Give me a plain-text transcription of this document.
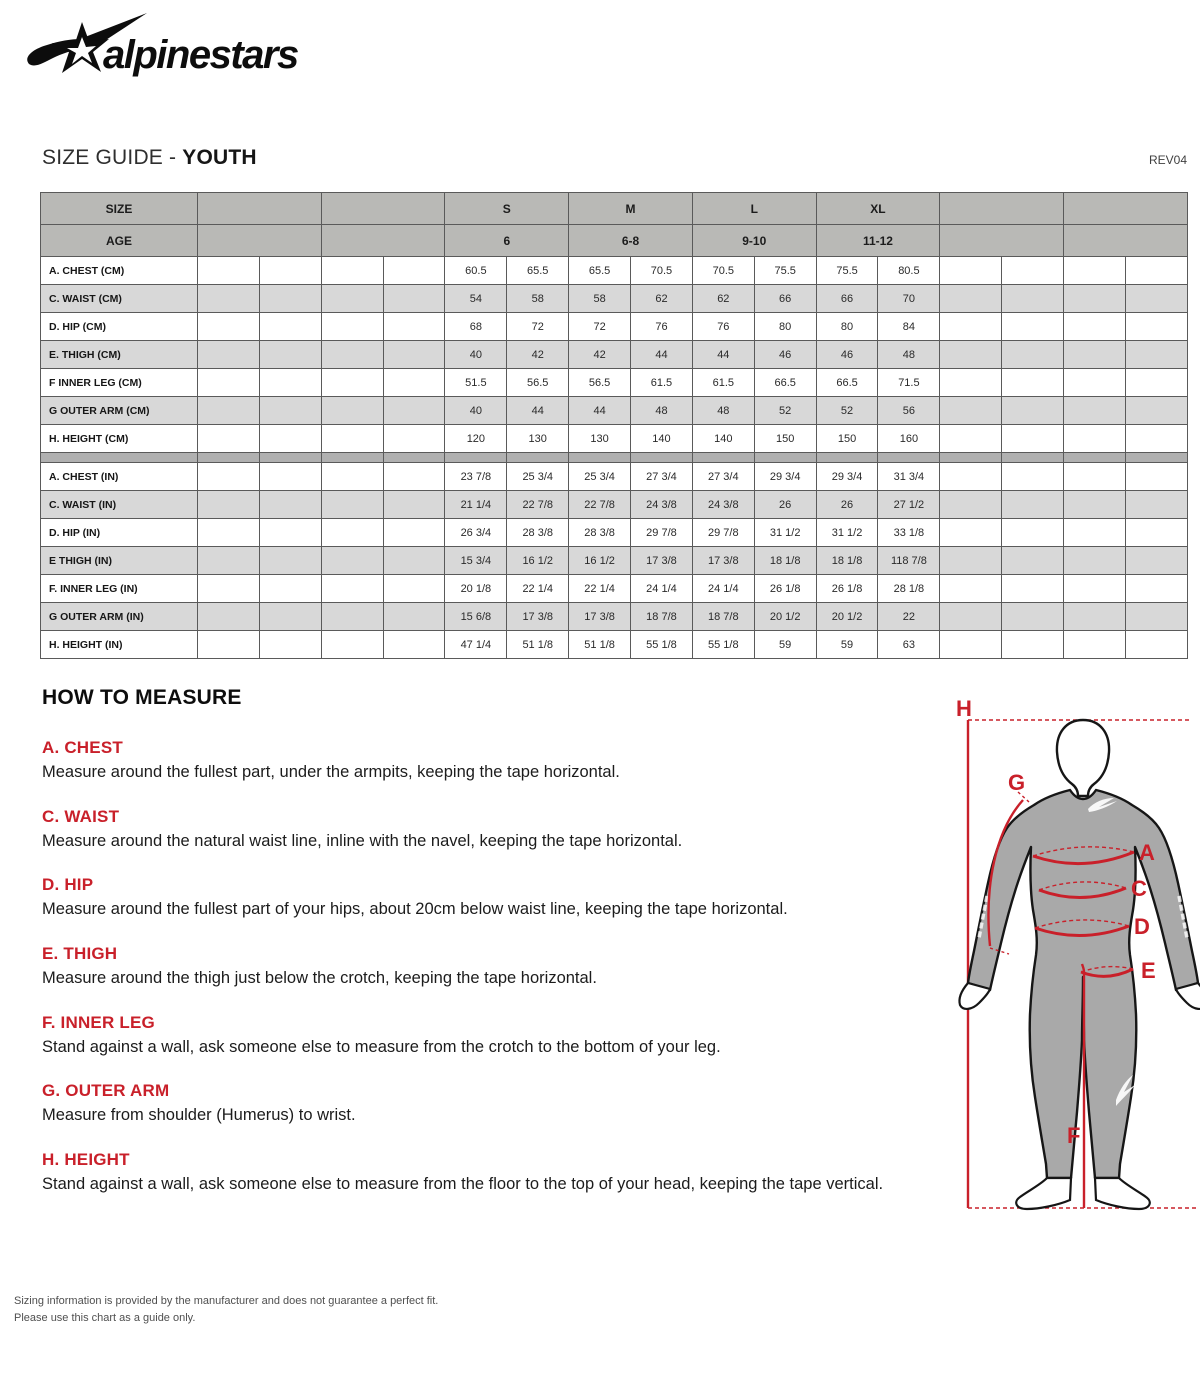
alpinestars
SIZE GUIDE - YOUTH	REV04
SIZE					S		M		L		XL					
AGE					6		6-8		9-10		11-12					
A. CHEST (CM)					60.5	65.5	65.5	70.5	70.5	75.5	75.5	80.5				
C. WAIST (CM)					54	58	58	62	62	66	66	70				
D. HIP (CM)					68	72	72	76	76	80	80	84				
E. THIGH (CM)					40	42	42	44	44	46	46	48				
F INNER LEG (CM)					51.5	56.5	56.5	61.5	61.5	66.5	66.5	71.5				
G OUTER ARM (CM)					40	44	44	48	48	52	52	56				
H. HEIGHT (CM)					120	130	130	140	140	150	150	160				

A. CHEST (IN)					23 7/8	25 3/4	25 3/4	27 3/4	27 3/4	29 3/4	29 3/4	31 3/4				
C. WAIST (IN)					21 1/4	22 7/8	22 7/8	24 3/8	24 3/8	26	26	27 1/2				
D. HIP (IN)					26 3/4	28 3/8	28 3/8	29 7/8	29 7/8	31 1/2	31 1/2	33 1/8				
E THIGH (IN)					15 3/4	16 1/2	16 1/2	17 3/8	17 3/8	18 1/8	18 1/8	118 7/8				
F. INNER LEG (IN)					20 1/8	22 1/4	22 1/4	24 1/4	24 1/4	26 1/8	26 1/8	28 1/8				
G OUTER ARM (IN)					15 6/8	17 3/8	17 3/8	18 7/8	18 7/8	20 1/2	20 1/2	22				
H. HEIGHT (IN)					47 1/4	51 1/8	51 1/8	55 1/8	55 1/8	59	59	63				
HOW TO MEASURE
A. CHEST

Measure around the fullest part, under the armpits, keeping the tape horizontal.

C. WAIST

Measure around the natural waist line, inline with the navel, keeping the tape horizontal.

D. HIP

Measure around the fullest part of your hips, about 20cm below waist line, keeping the tape horizontal.

E. THIGH

Measure around the thigh just below the crotch, keeping the tape horizontal.

F. INNER LEG

Stand against a wall, ask someone else to measure from the crotch to the bottom of your leg.

G. OUTER ARM

Measure from shoulder (Humerus) to wrist.

H. HEIGHT

Stand against a wall, ask someone else to measure from the floor to the top of your head, keeping the tape vertical.

H
G
A
C
D
E
F
Sizing information is provided by the manufacturer and does not guarantee a perfect fit.
Please use this chart as a guide only.
